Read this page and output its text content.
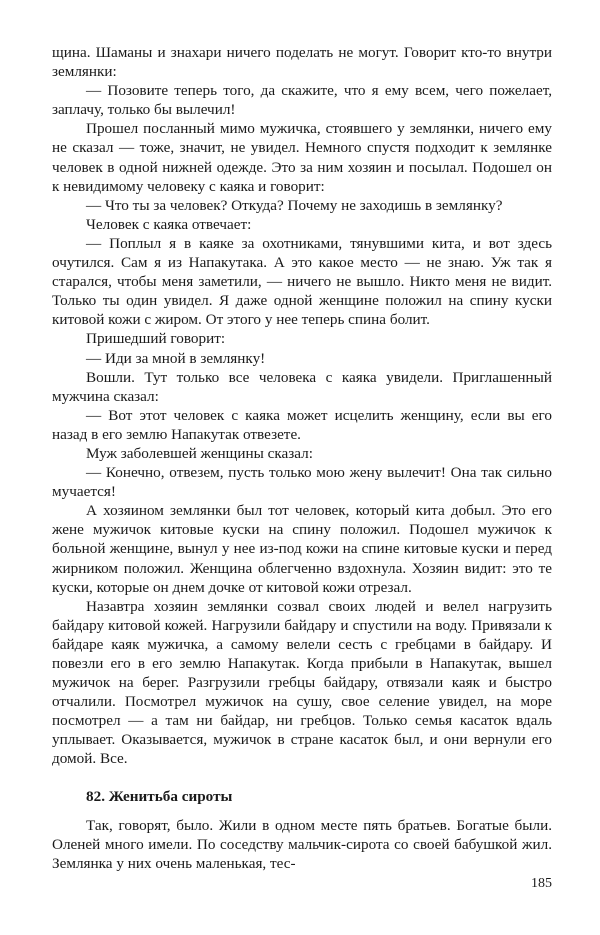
щина. Шаманы и знахари ничего поделать не могут. Говорит кто-то внутри землянки:

— Позовите теперь того, да скажите, что я ему всем, чего пожелает, заплачу, только бы вылечил!

Прошел посланный мимо мужичка, стоявшего у землянки, ничего ему не сказал — тоже, значит, не увидел. Немного спустя подходит к землянке человек в одной нижней одежде. Это за ним хозяин и посылал. Подошел он к невидимому человеку с каяка и говорит:

— Что ты за человек? Откуда? Почему не заходишь в землянку?

Человек с каяка отвечает:

— Поплыл я в каяке за охотниками, тянувшими кита, и вот здесь очутился. Сам я из Напакутака. А это какое место — не знаю. Уж так я старался, чтобы меня заметили, — ничего не вышло. Никто меня не видит. Только ты один увидел. Я даже одной женщине положил на спину куски китовой кожи с жиром. От этого у нее теперь спина болит.

Пришедший говорит:

— Иди за мной в землянку!

Вошли. Тут только все человека с каяка увидели. Приглашенный мужчина сказал:

— Вот этот человек с каяка может исцелить женщину, если вы его назад в его землю Напакутак отвезете.

Муж заболевшей женщины сказал:

— Конечно, отвезем, пусть только мою жену вылечит! Она так сильно мучается!

А хозяином землянки был тот человек, который кита добыл. Это его жене мужичок китовые куски на спину положил. Подошел мужичок к больной женщине, вынул у нее из-под кожи на спине китовые куски и перед жирником положил. Женщина облегченно вздохнула. Хозяин видит: это те куски, которые он днем дочке от китовой кожи отрезал.

Назавтра хозяин землянки созвал своих людей и велел нагрузить байдару китовой кожей. Нагрузили байдару и спустили на воду. Привязали к байдаре каяк мужичка, а самому велели сесть с гребцами в байдару. И повезли его в его землю Напакутак. Когда прибыли в Напакутак, вышел мужичок на берег. Разгрузили гребцы байдару, отвязали каяк и быстро отчалили. Посмотрел мужичок на сушу, свое селение увидел, на море посмотрел — а там ни байдар, ни гребцов. Только семья касаток вдаль уплывает. Оказывается, мужичок в стране касаток был, и они вернули его домой. Все.

82. Женитьба сироты

Так, говорят, было. Жили в одном месте пять братьев. Богатые были. Оленей много имели. По соседству мальчик-сирота со своей бабушкой жил. Землянка у них очень маленькая, тес-

185
